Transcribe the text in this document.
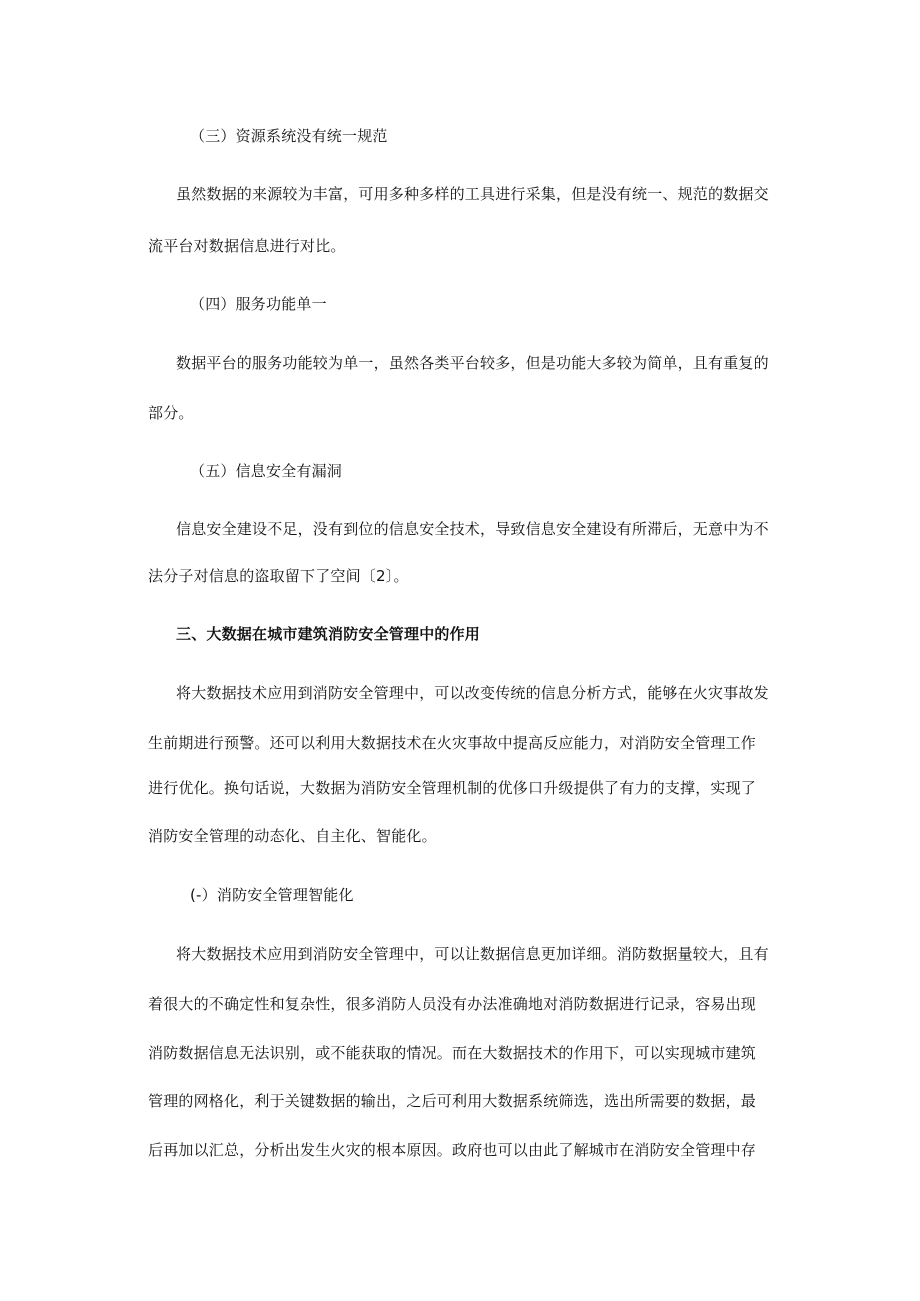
（三）资源系统没有统一规范
虽然数据的来源较为丰富，可用多种多样的工具进行采集，但是没有统一、规范的数据交
流平台对数据信息进行对比。
（四）服务功能单一
数据平台的服务功能较为单一，虽然各类平台较多，但是功能大多较为简单，且有重复的
部分。
（五）信息安全有漏洞
信息安全建设不足，没有到位的信息安全技术，导致信息安全建设有所滞后，无意中为不
法分子对信息的盗取留下了空间〔2〕。
三、大数据在城市建筑消防安全管理中的作用
将大数据技术应用到消防安全管理中，可以改变传统的信息分析方式，能够在火灾事故发
生前期进行预警。还可以利用大数据技术在火灾事故中提高反应能力，对消防安全管理工作
进行优化。换句话说，大数据为消防安全管理机制的优侈口升级提供了有力的支撑，实现了
消防安全管理的动态化、自主化、智能化。
(-）消防安全管理智能化
将大数据技术应用到消防安全管理中，可以让数据信息更加详细。消防数据量较大，且有
着很大的不确定性和复杂性，很多消防人员没有办法准确地对消防数据进行记录，容易出现
消防数据信息无法识别，或不能获取的情况。而在大数据技术的作用下，可以实现城市建筑
管理的网格化，利于关键数据的输出，之后可利用大数据系统筛选，选出所需要的数据，最
后再加以汇总，分析出发生火灾的根本原因。政府也可以由此了解城市在消防安全管理中存
